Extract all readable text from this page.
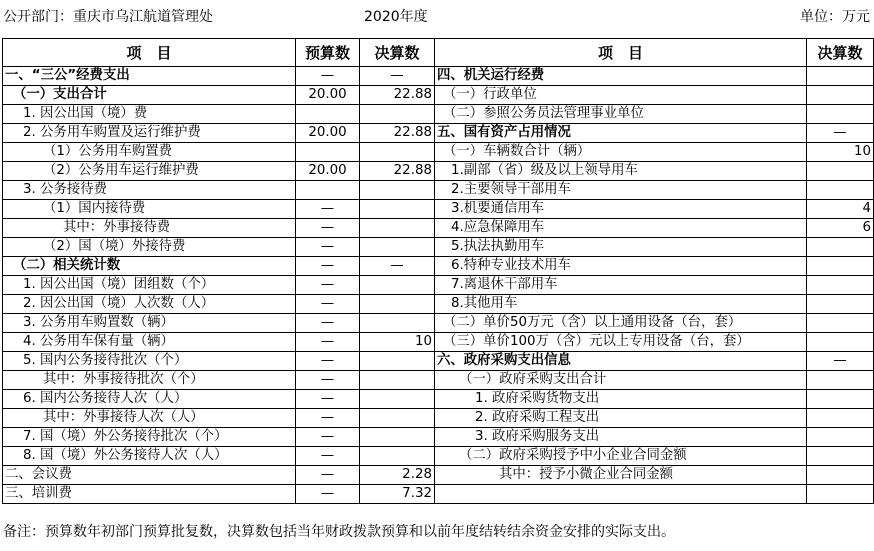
公开部门：重庆市乌江航道管理处	2020年度	单位：万元
项　目	预算数	决算数	项　目	决算数
一、“三公”经费支出	—	—	四、机关运行经费	
（一）支出合计	20.00	22.88	（一）行政单位	
1. 因公出国（境）费			（二）参照公务员法管理事业单位	
2. 公务用车购置及运行维护费	20.00	22.88	五、国有资产占用情况	—
（1）公务用车购置费			（一）车辆数合计（辆）	10
（2）公务用车运行维护费	20.00	22.88	1.副部（省）级及以上领导用车	
3. 公务接待费			2.主要领导干部用车	
（1）国内接待费	—		3.机要通信用车	4
其中：外事接待费	—		4.应急保障用车	6
（2）国（境）外接待费	—		5.执法执勤用车	
（二）相关统计数	—	—	6.特种专业技术用车	
1. 因公出国（境）团组数（个）	—		7.离退休干部用车	
2. 因公出国（境）人次数（人）	—		8.其他用车	
3. 公务用车购置数（辆）	—		（二）单价50万元（含）以上通用设备（台，套）	
4. 公务用车保有量（辆）	—	10	（三）单价100万（含）元以上专用设备（台，套）	
5. 国内公务接待批次（个）	—		六、政府采购支出信息	—
其中：外事接待批次（个）	—		（一）政府采购支出合计	
6. 国内公务接待人次（人）	—		1. 政府采购货物支出	
其中：外事接待人次（人）	—		2. 政府采购工程支出	
7. 国（境）外公务接待批次（个）	—		3. 政府采购服务支出	
8. 国（境）外公务接待人次（人）	—		（二）政府采购授予中小企业合同金额	
二、会议费	—	2.28	其中：授予小微企业合同金额	
三、培训费	—	7.32		
备注：预算数年初部门预算批复数，决算数包括当年财政拨款预算和以前年度结转结余资金安排的实际支出。
